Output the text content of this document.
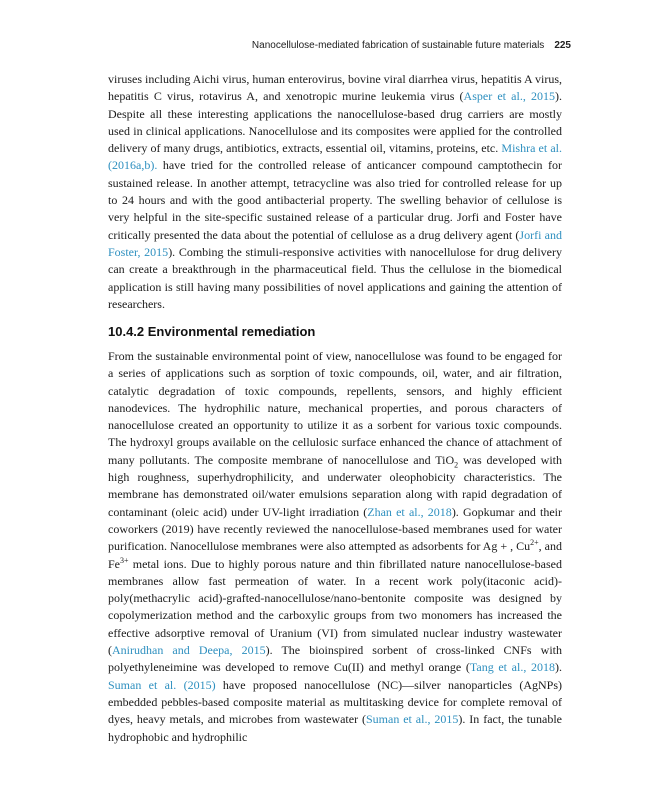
Nanocellulose-mediated fabrication of sustainable future materials 225

viruses including Aichi virus, human enterovirus, bovine viral diarrhea virus, hepatitis A virus, hepatitis C virus, rotavirus A, and xenotropic murine leukemia virus (Asper et al., 2015). Despite all these interesting applications the nanocellulose-based drug carriers are mostly used in clinical applications. Nanocellulose and its composites were applied for the controlled delivery of many drugs, antibiotics, extracts, essential oil, vitamins, proteins, etc. Mishra et al. (2016a,b). have tried for the controlled release of anticancer compound camptothecin for sustained release. In another attempt, tetracycline was also tried for controlled release for up to 24 hours and with the good antibacterial property. The swelling behavior of cellulose is very helpful in the site-specific sustained release of a particular drug. Jorfi and Foster have critically presented the data about the potential of cellulose as a drug delivery agent (Jorfi and Foster, 2015). Combing the stimuli-responsive activities with nanocellulose for drug delivery can create a breakthrough in the pharmaceutical field. Thus the cellulose in the biomedical application is still having many possibilities of novel applications and gaining the attention of researchers.

10.4.2 Environmental remediation

From the sustainable environmental point of view, nanocellulose was found to be engaged for a series of applications such as sorption of toxic compounds, oil, water, and air filtration, catalytic degradation of toxic compounds, repellents, sensors, and highly efficient nanodevices. The hydrophilic nature, mechanical properties, and porous characters of nanocellulose created an opportunity to utilize it as a sorbent for various toxic compounds. The hydroxyl groups available on the cellulosic surface enhanced the chance of attachment of many pollutants. The composite membrane of nanocellulose and TiO$_2$ was developed with high roughness, superhydrophilicity, and underwater oleophobicity characteristics. The membrane has demonstrated oil/water emulsions separation along with rapid degradation of contaminant (oleic acid) under UV-light irradiation (Zhan et al., 2018). Gopkumar and their coworkers (2019) have recently reviewed the nanocellulose-based membranes used for water purification. Nanocellulose membranes were also attempted as adsorbents for Ag + , $Cu^{2+}$, and $Fe^{3+}$ metal ions. Due to highly porous nature and thin fibrillated nature nanocellulose-based membranes allow fast permeation of water. In a recent work poly(itaconic acid)-poly(methacrylic acid)-grafted-nanocellulose/nano-bentonite composite was designed by copolymerization method and the carboxylic groups from two monomers has increased the effective adsorptive removal of Uranium (VI) from simulated nuclear industry wastewater (Anirudhan and Deepa, 2015). The bioinspired sorbent of cross-linked CNFs with polyethyleneimine was developed to remove Cu(II) and methyl orange (Tang et al., 2018). Suman et al. (2015) have proposed nanocellulose (NC)—silver nanoparticles (AgNPs) embedded pebbles-based composite material as multitasking device for complete removal of dyes, heavy metals, and microbes from wastewater (Suman et al., 2015). In fact, the tunable hydrophobic and hydrophilic
